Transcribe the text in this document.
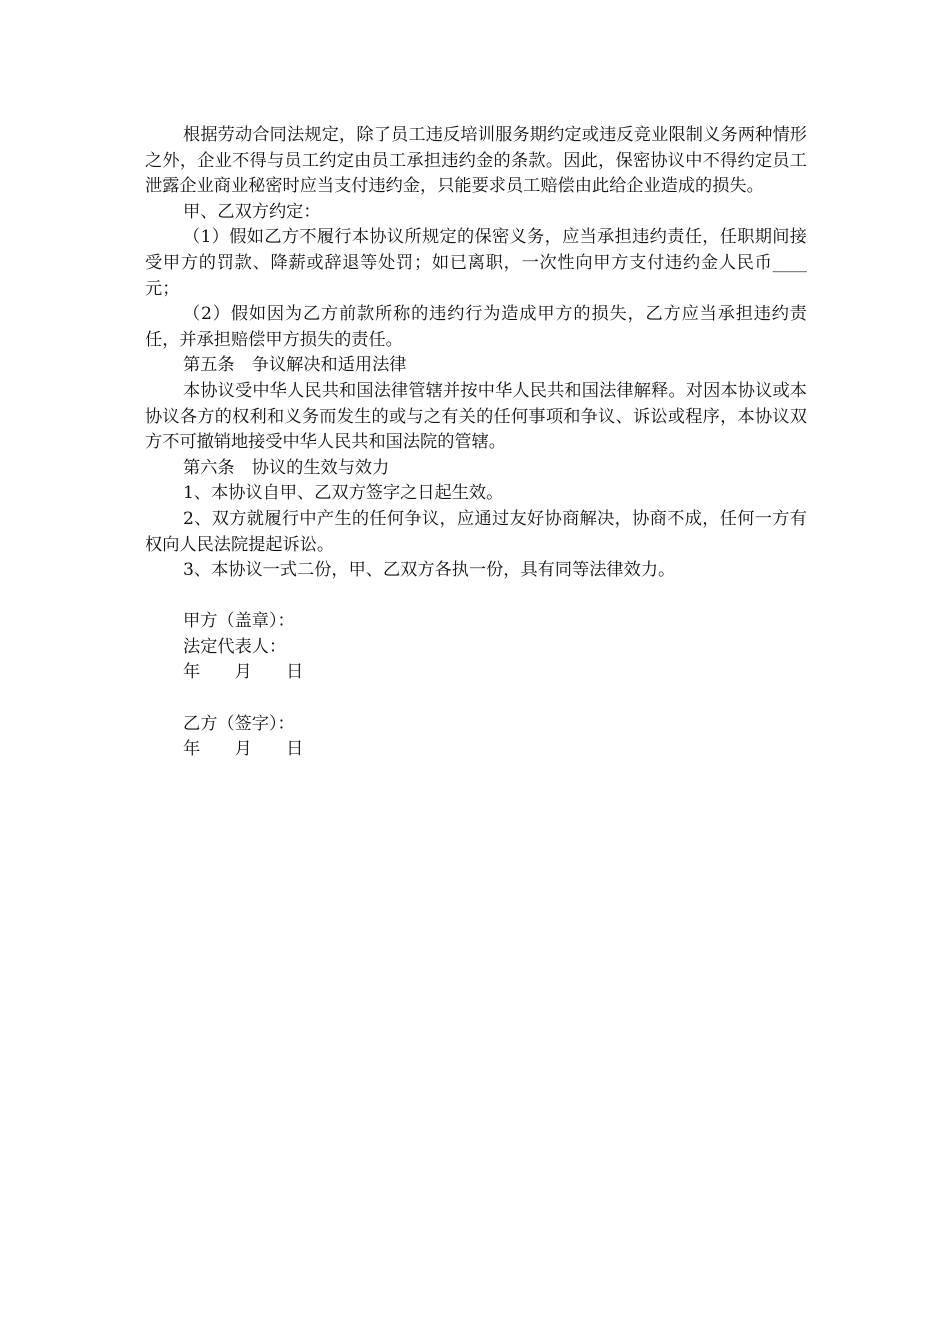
根据劳动合同法规定，除了员工违反培训服务期约定或违反竞业限制义务两种情形之外，企业不得与员工约定由员工承担违约金的条款。因此，保密协议中不得约定员工泄露企业商业秘密时应当支付违约金，只能要求员工赔偿由此给企业造成的损失。

甲、乙双方约定：

（1）假如乙方不履行本协议所规定的保密义务，应当承担违约责任，任职期间接受甲方的罚款、降薪或辞退等处罚；如已离职，一次性向甲方支付违约金人民币____元；

（2）假如因为乙方前款所称的违约行为造成甲方的损失，乙方应当承担违约责任，并承担赔偿甲方损失的责任。

第五条　争议解决和适用法律

本协议受中华人民共和国法律管辖并按中华人民共和国法律解释。对因本协议或本协议各方的权利和义务而发生的或与之有关的任何事项和争议、诉讼或程序，本协议双方不可撤销地接受中华人民共和国法院的管辖。

第六条　协议的生效与效力

1、本协议自甲、乙双方签字之日起生效。

2、双方就履行中产生的任何争议，应通过友好协商解决，协商不成，任何一方有权向人民法院提起诉讼。

3、本协议一式二份，甲、乙双方各执一份，具有同等法律效力。

甲方（盖章）：

法定代表人：

年　　月　　日

乙方（签字）：

年　　月　　日
